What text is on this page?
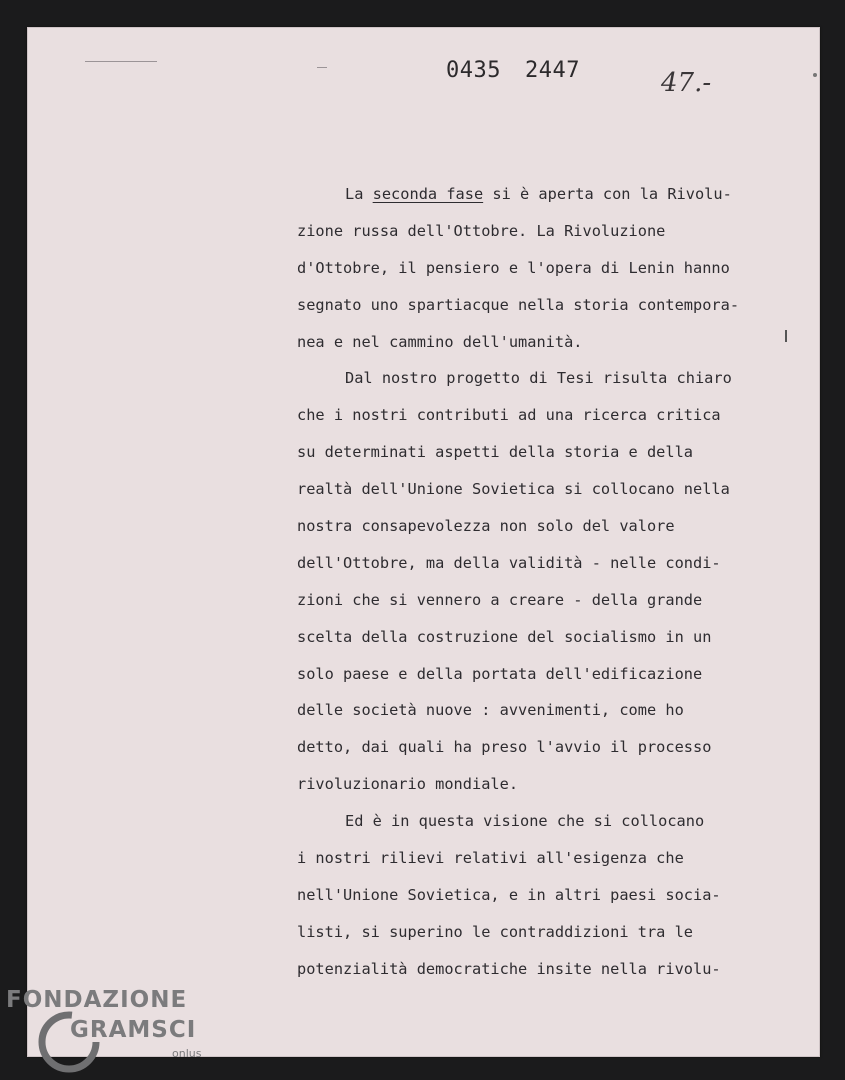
0435 2447	47.-
La seconda fase si è aperta con la Rivolu-
zione russa dell'Ottobre. La Rivoluzione
d'Ottobre, il pensiero e l'opera di Lenin hanno
segnato uno spartiacque nella storia contempora-
nea e nel cammino dell'umanità.
Dal nostro progetto di Tesi risulta chiaro
che i nostri contributi ad una ricerca critica
su determinati aspetti della storia e della
realtà dell'Unione Sovietica si collocano nella
nostra consapevolezza non solo del valore
dell'Ottobre, ma della validità - nelle condi-
zioni che si vennero a creare - della grande
scelta della costruzione del socialismo in un
solo paese e della portata dell'edificazione
delle società nuove : avvenimenti, come ho
detto, dai quali ha preso l'avvio il processo
rivoluzionario mondiale.
Ed è in questa visione che si collocano
i nostri rilievi relativi all'esigenza che
nell'Unione Sovietica, e in altri paesi socia-
listi, si superino le contraddizioni tra le
potenzialità democratiche insite nella rivolu-
FONDAZIONE
GRAMSCI
onlus
